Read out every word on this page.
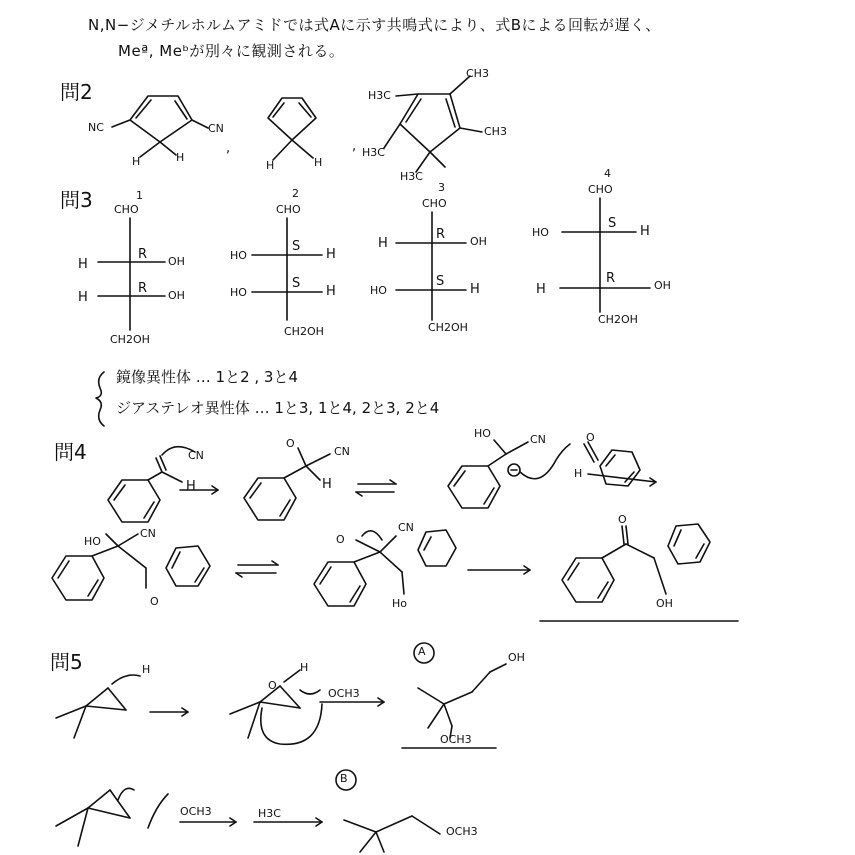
N,N−ジメチルホルムアミドでは式Aに示す共鳴式により、式Bによる回転が遅く、
Meª, Meᵇが別々に観測される。
問2
NC	CN
H	H
,
H	H
,
H3C
CH3
CH3
H3C
H3C
問3	1
CHO
H
R OH
H
R OH
CH2OH
2
CHO
HO
S
H
HO
S
H
CH2OH
3
CHO
H
R OH
HO
S
H
CH2OH
4
CHO
HO
S
H
H
R	OH
CH2OH
鏡像異性体 … 1と2 , 3と4
ジアステレオ異性体 … 1と3, 1と4, 2と3, 2と4
問4	CN
H
O
CN
H
HO	CN	O
H
HO
CN
O
O
CN
Ho
O
OH
問5	H
O
H
OCH3
A	OH
OCH3
OCH3	H3C
B
OCH3
